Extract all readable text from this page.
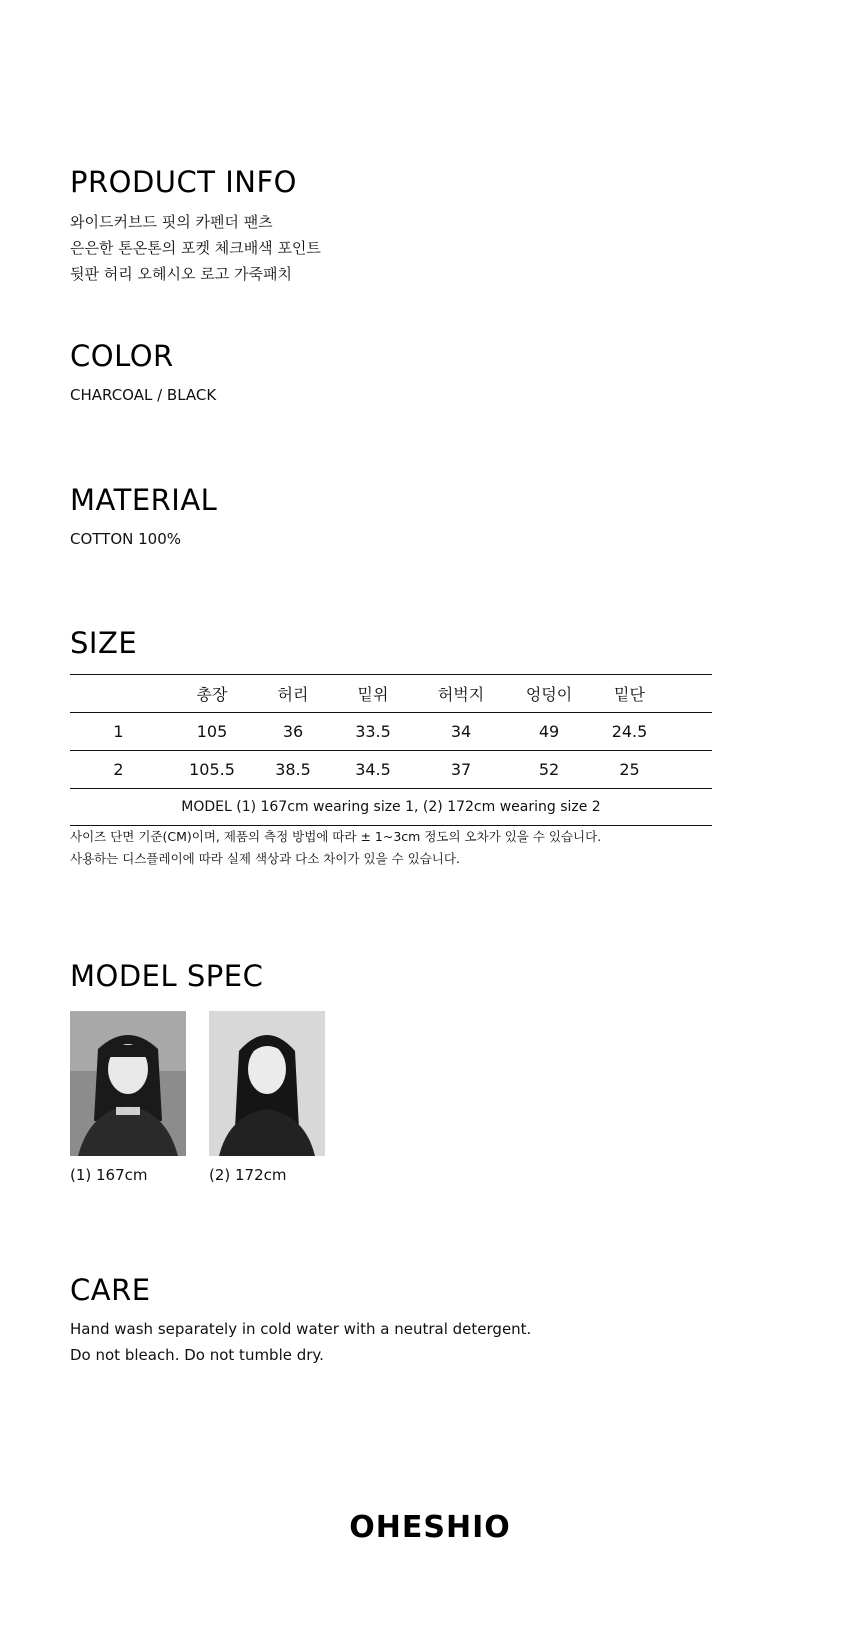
PRODUCT INFO
와이드커브드 핏의 카펜더 팬츠
은은한 톤온톤의 포켓 체크배색 포인트
뒷판 허리 오헤시오 로고 가죽패치
COLOR
CHARCOAL / BLACK
MATERIAL
COTTON 100%
SIZE
	총장	허리	밑위	허벅지	엉덩이	밑단	
1	105	36	33.5	34	49	24.5	
2	105.5	38.5	34.5	37	52	25	
MODEL (1) 167cm wearing size 1, (2) 172cm wearing size 2							
사이즈 단면 기준(CM)이며, 제품의 측정 방법에 따라 ± 1~3cm 정도의 오차가 있을 수 있습니다.
사용하는 디스플레이에 따라 실제 색상과 다소 차이가 있을 수 있습니다.
MODEL SPEC
(1) 167cm	(2) 172cm
CARE
Hand wash separately in cold water with a neutral detergent.
Do not bleach. Do not tumble dry.
OHESHIO
